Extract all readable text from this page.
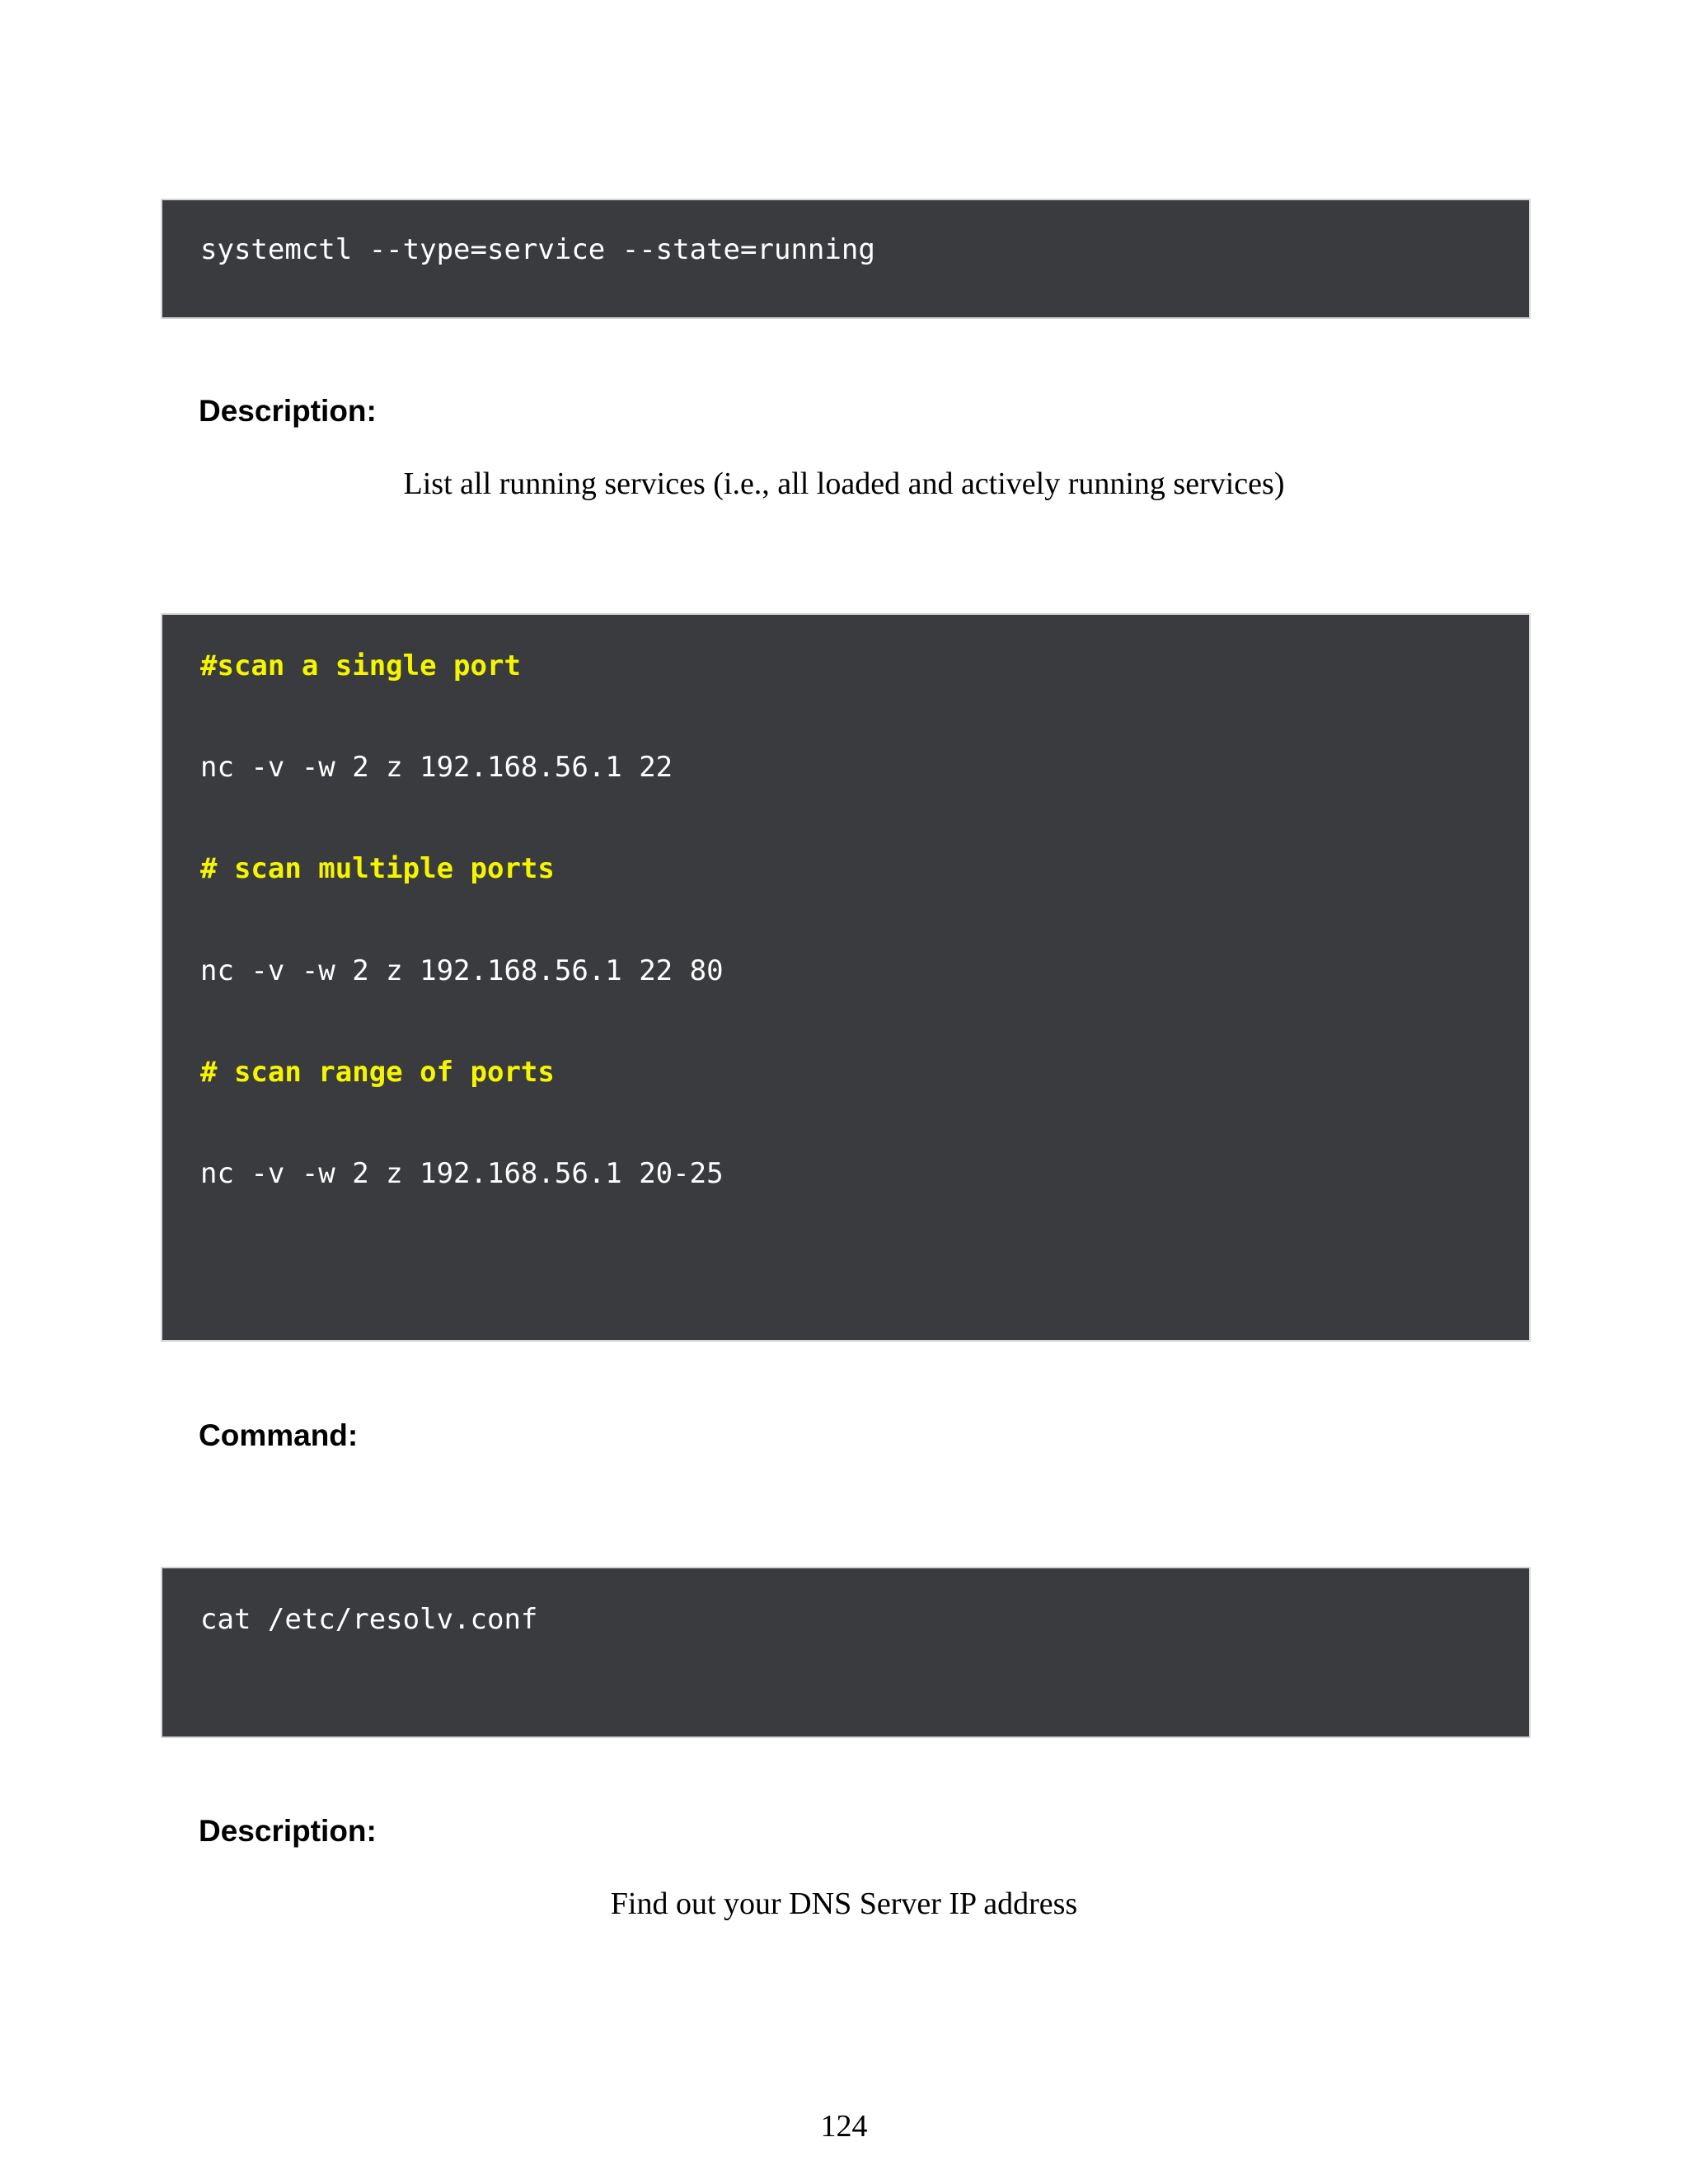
systemctl --type=service --state=running
Description:
List all running services (i.e., all loaded and actively running services)
#scan a single port
nc -v -w 2 z 192.168.56.1 22
# scan multiple ports
nc -v -w 2 z 192.168.56.1 22 80
# scan range of ports
nc -v -w 2 z 192.168.56.1 20-25
Command:
cat /etc/resolv.conf
Description:
Find out your DNS Server IP address
124
